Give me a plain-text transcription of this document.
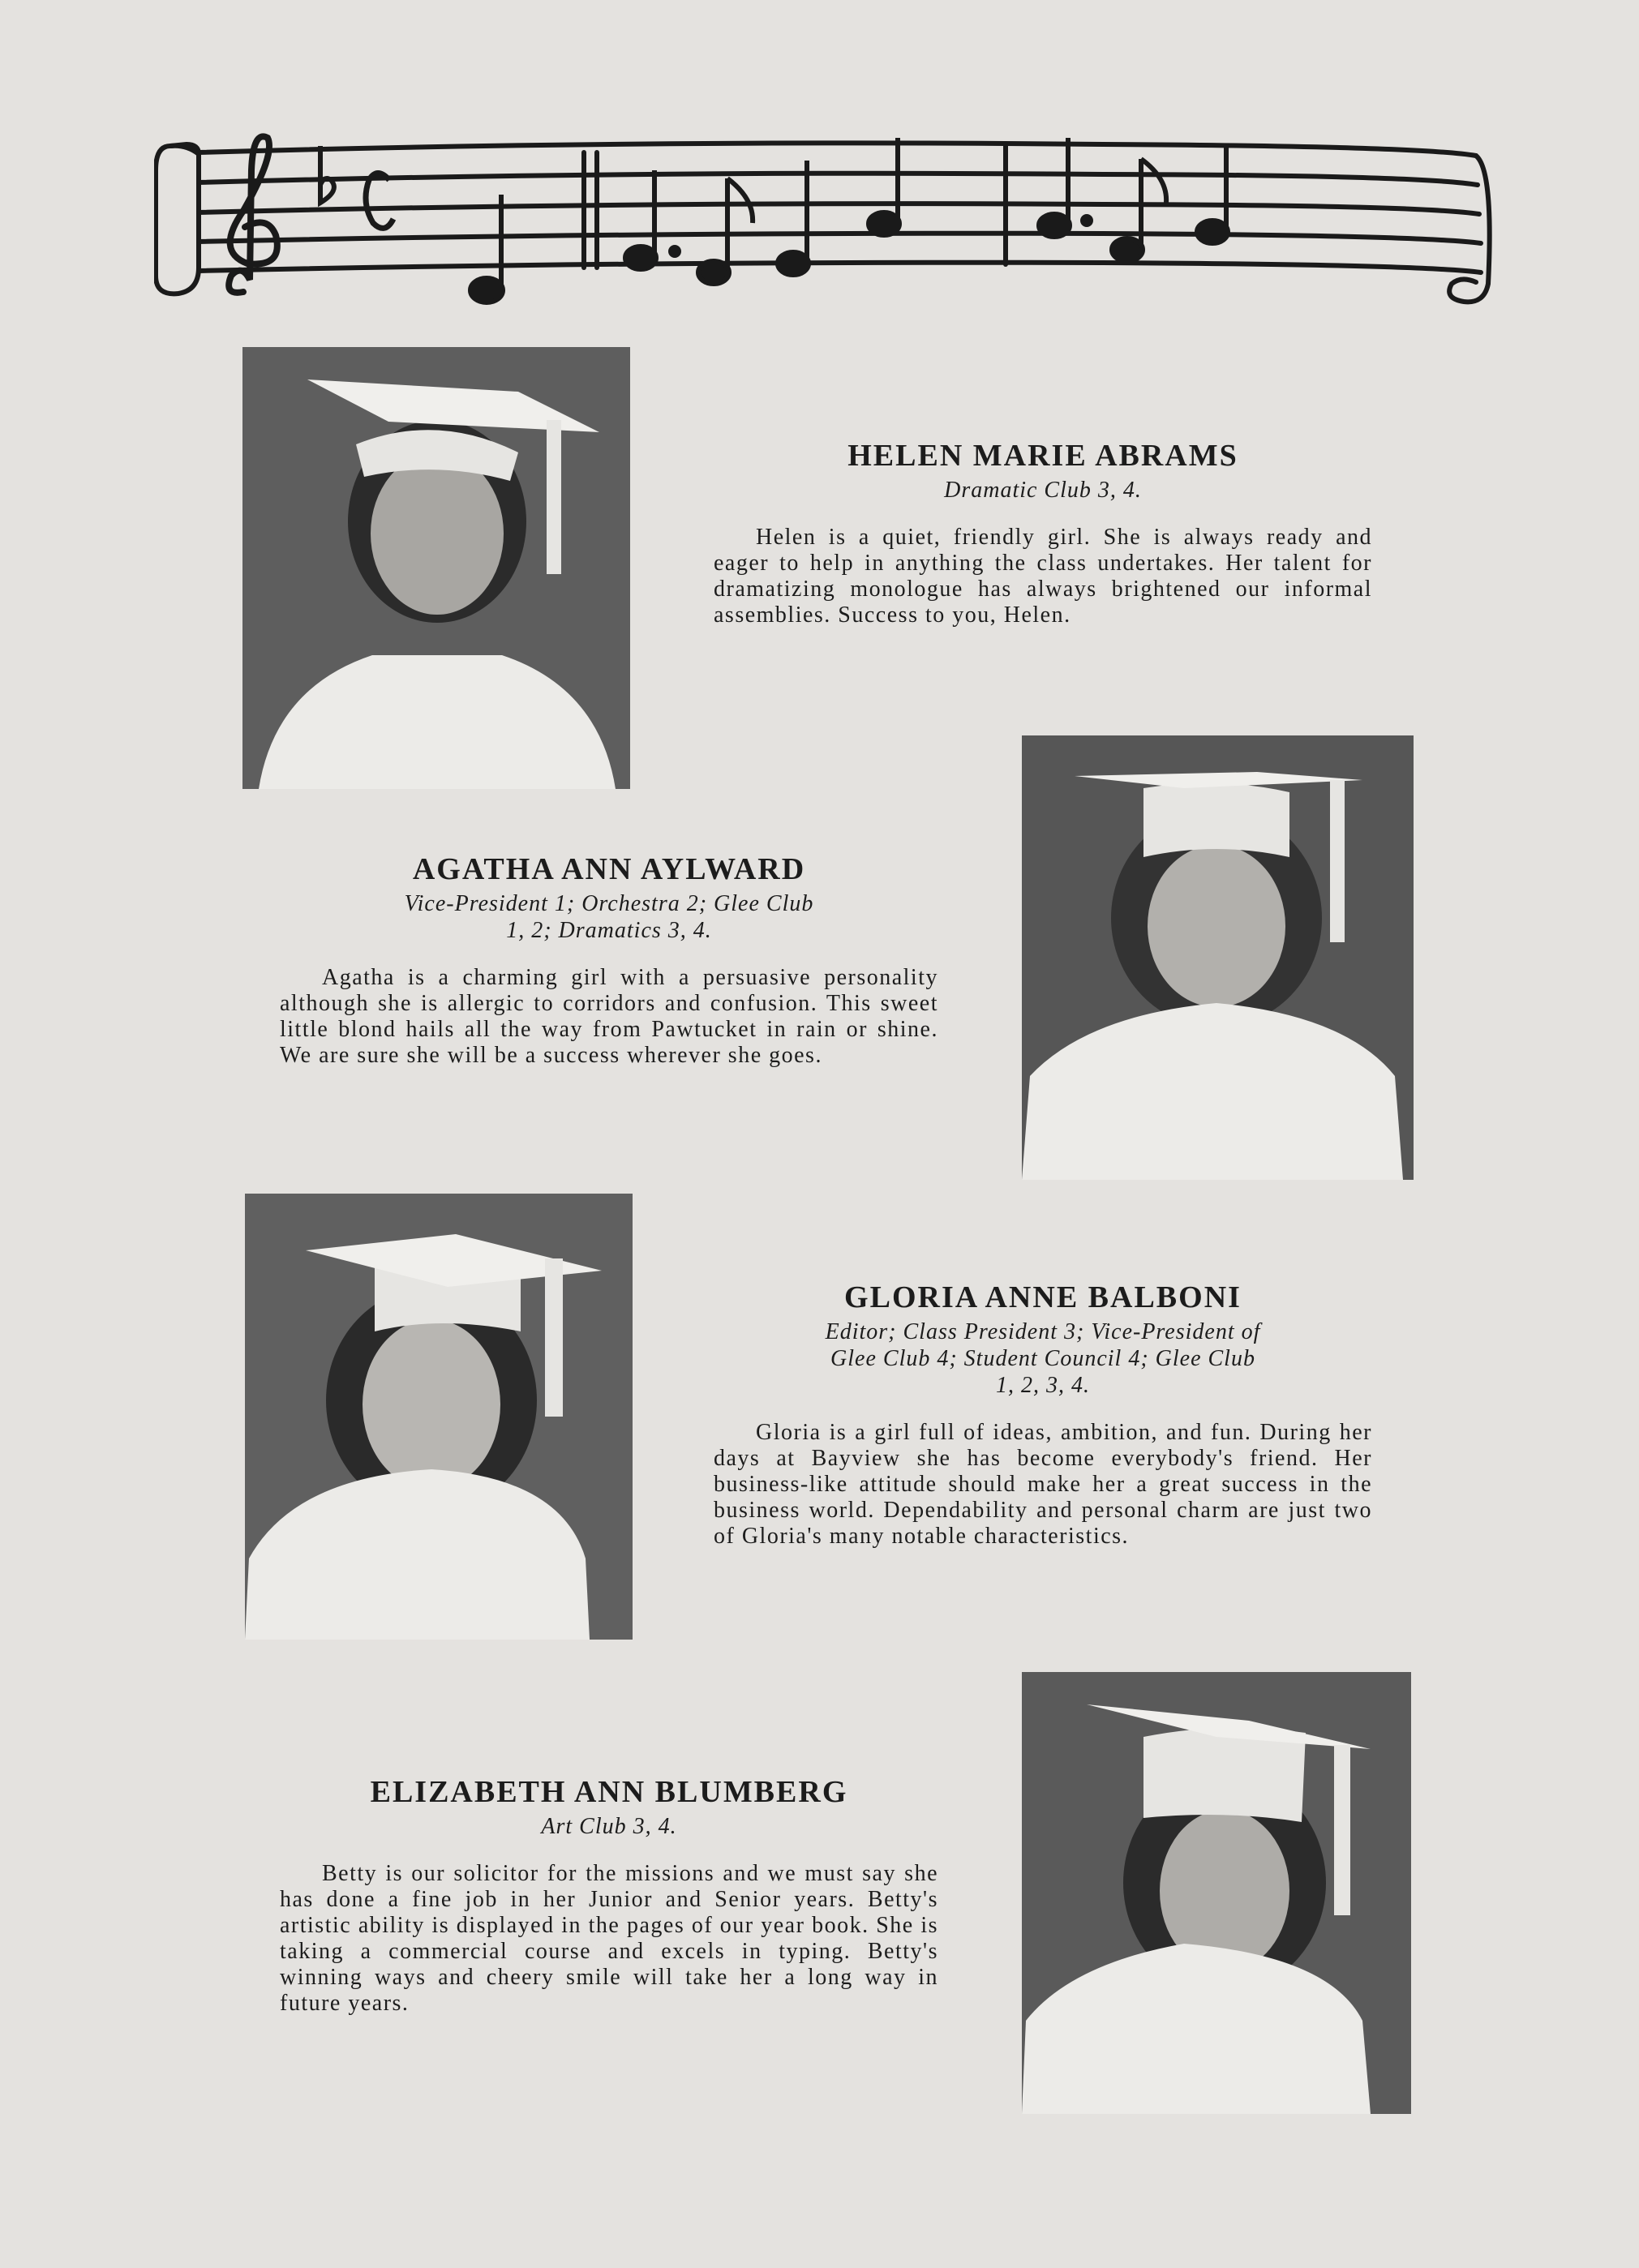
HELEN MARIE ABRAMS

Dramatic Club 3, 4.

Helen is a quiet, friendly girl. She is always ready and eager to help in anything the class undertakes. Her talent for dramatizing monologue has always brightened our informal assemblies. Success to you, Helen.

AGATHA ANN AYLWARD

Vice-President 1; Orchestra 2; Glee Club 1, 2; Dramatics 3, 4.

Agatha is a charming girl with a persuasive personality although she is allergic to corridors and confusion. This sweet little blond hails all the way from Pawtucket in rain or shine. We are sure she will be a success wherever she goes.

GLORIA ANNE BALBONI

Editor; Class President 3; Vice-President of Glee Club 4; Student Council 4; Glee Club 1, 2, 3, 4.

Gloria is a girl full of ideas, ambition, and fun. During her days at Bayview she has become everybody's friend. Her business-like attitude should make her a great success in the business world. Dependability and personal charm are just two of Gloria's many notable characteristics.

ELIZABETH ANN BLUMBERG

Art Club 3, 4.

Betty is our solicitor for the missions and we must say she has done a fine job in her Junior and Senior years. Betty's artistic ability is displayed in the pages of our year book. She is taking a commercial course and excels in typing. Betty's winning ways and cheery smile will take her a long way in future years.
